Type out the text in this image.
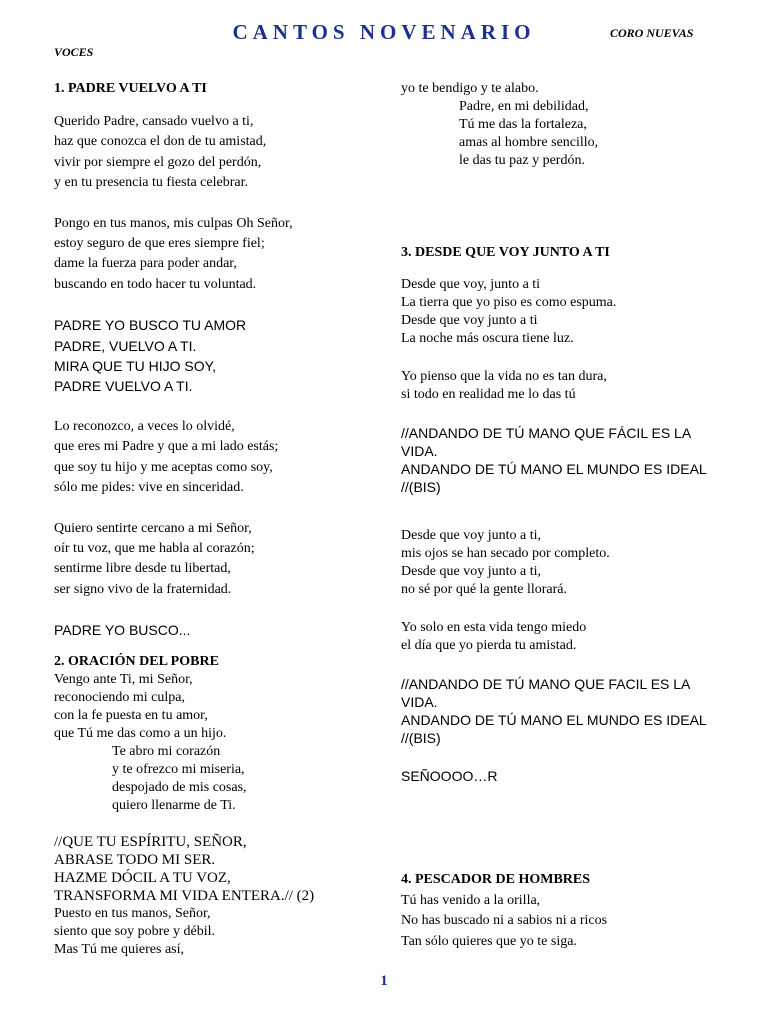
CANTOS NOVENARIO	CORO NUEVAS
VOCES

1. PADRE VUELVO A TI

Querido Padre, cansado vuelvo a ti,

haz que conozca el don de tu amistad,

vivir por siempre el gozo del perdón,

y en tu presencia tu fiesta celebrar.

Pongo en tus manos, mis culpas Oh Señor,

estoy seguro de que eres siempre fiel;

dame la fuerza para poder andar,

buscando en todo hacer tu voluntad.

PADRE YO BUSCO TU AMOR

PADRE, VUELVO A TI.

MIRA QUE TU HIJO SOY,

PADRE VUELVO A TI.

Lo reconozco, a veces lo olvidé,

que eres mi Padre y que a mi lado estás;

que soy tu hijo y me aceptas como soy,

sólo me pides: vive en sinceridad.

Quiero sentirte cercano a mi Señor,

oír tu voz, que me habla al corazón;

sentirme libre desde tu libertad,

ser signo vivo de la fraternidad.

PADRE YO BUSCO...

2. ORACIÓN DEL POBRE

Vengo ante Ti, mi Señor,

reconociendo mi culpa,

con la fe puesta en tu amor,

que Tú me das como a un hijo.

Te abro mi corazón

y te ofrezco mi miseria,

despojado de mis cosas,

quiero llenarme de Ti.

//QUE TU ESPÍRITU, SEÑOR,

ABRASE TODO MI SER.

HAZME DÓCIL A TU VOZ,

TRANSFORMA MI VIDA ENTERA.// (2)

Puesto en tus manos, Señor,

siento que soy pobre y débil.

Mas Tú me quieres así,

yo te bendigo y te alabo.

Padre, en mi debilidad,

Tú me das la fortaleza,

amas al hombre sencillo,

le das tu paz y perdón.

3. DESDE QUE VOY JUNTO A TI

Desde que voy, junto a ti

La tierra que yo piso es como espuma.

Desde que voy junto a ti

La noche más oscura tiene luz.

Yo pienso que la vida no es tan dura,

si todo en realidad me lo das tú

//ANDANDO DE TÚ MANO QUE FÁCIL ES LA VIDA.

ANDANDO DE TÚ MANO EL MUNDO ES IDEAL //(BIS)

Desde que voy junto a ti,

mis ojos se han secado por completo.

Desde que voy junto a ti,

no sé por qué la gente llorará.

Yo solo en esta vida tengo miedo

el día que yo pierda tu amistad.

//ANDANDO DE TÚ MANO QUE FACIL ES LA VIDA.

ANDANDO DE TÚ MANO EL MUNDO ES IDEAL //(BIS)

SEÑOOOO…R

4. PESCADOR DE HOMBRES

Tú has venido a la orilla,

No has buscado ni a sabios ni a ricos

Tan sólo quieres que yo te siga.

1
